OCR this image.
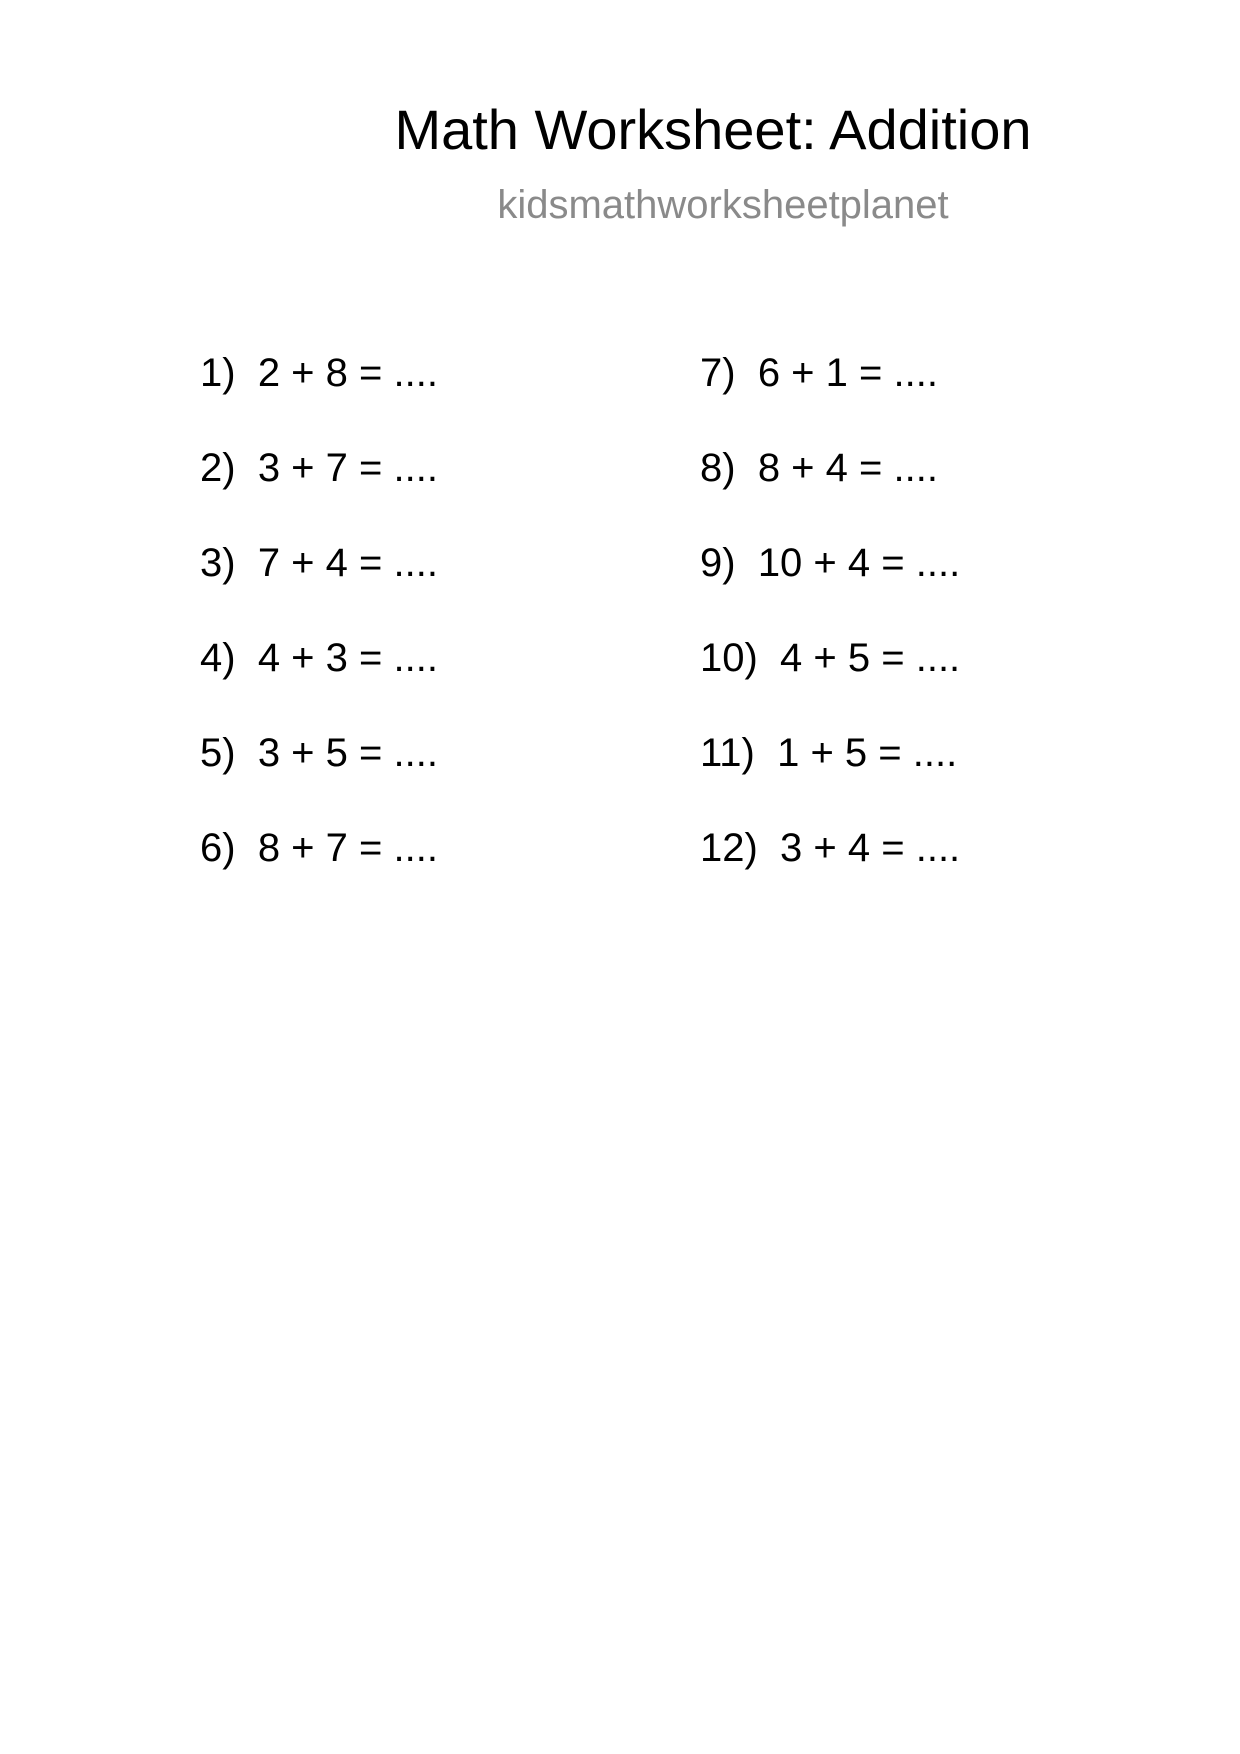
Math Worksheet: Addition
kidsmathworksheetplanet
1) 2 + 8 = ....
2) 3 + 7 = ....
3) 7 + 4 = ....
4) 4 + 3 = ....
5) 3 + 5 = ....
6) 8 + 7 = ....
7) 6 + 1 = ....
8) 8 + 4 = ....
9) 10 + 4 = ....
10) 4 + 5 = ....
11) 1 + 5 = ....
12) 3 + 4 = ....
